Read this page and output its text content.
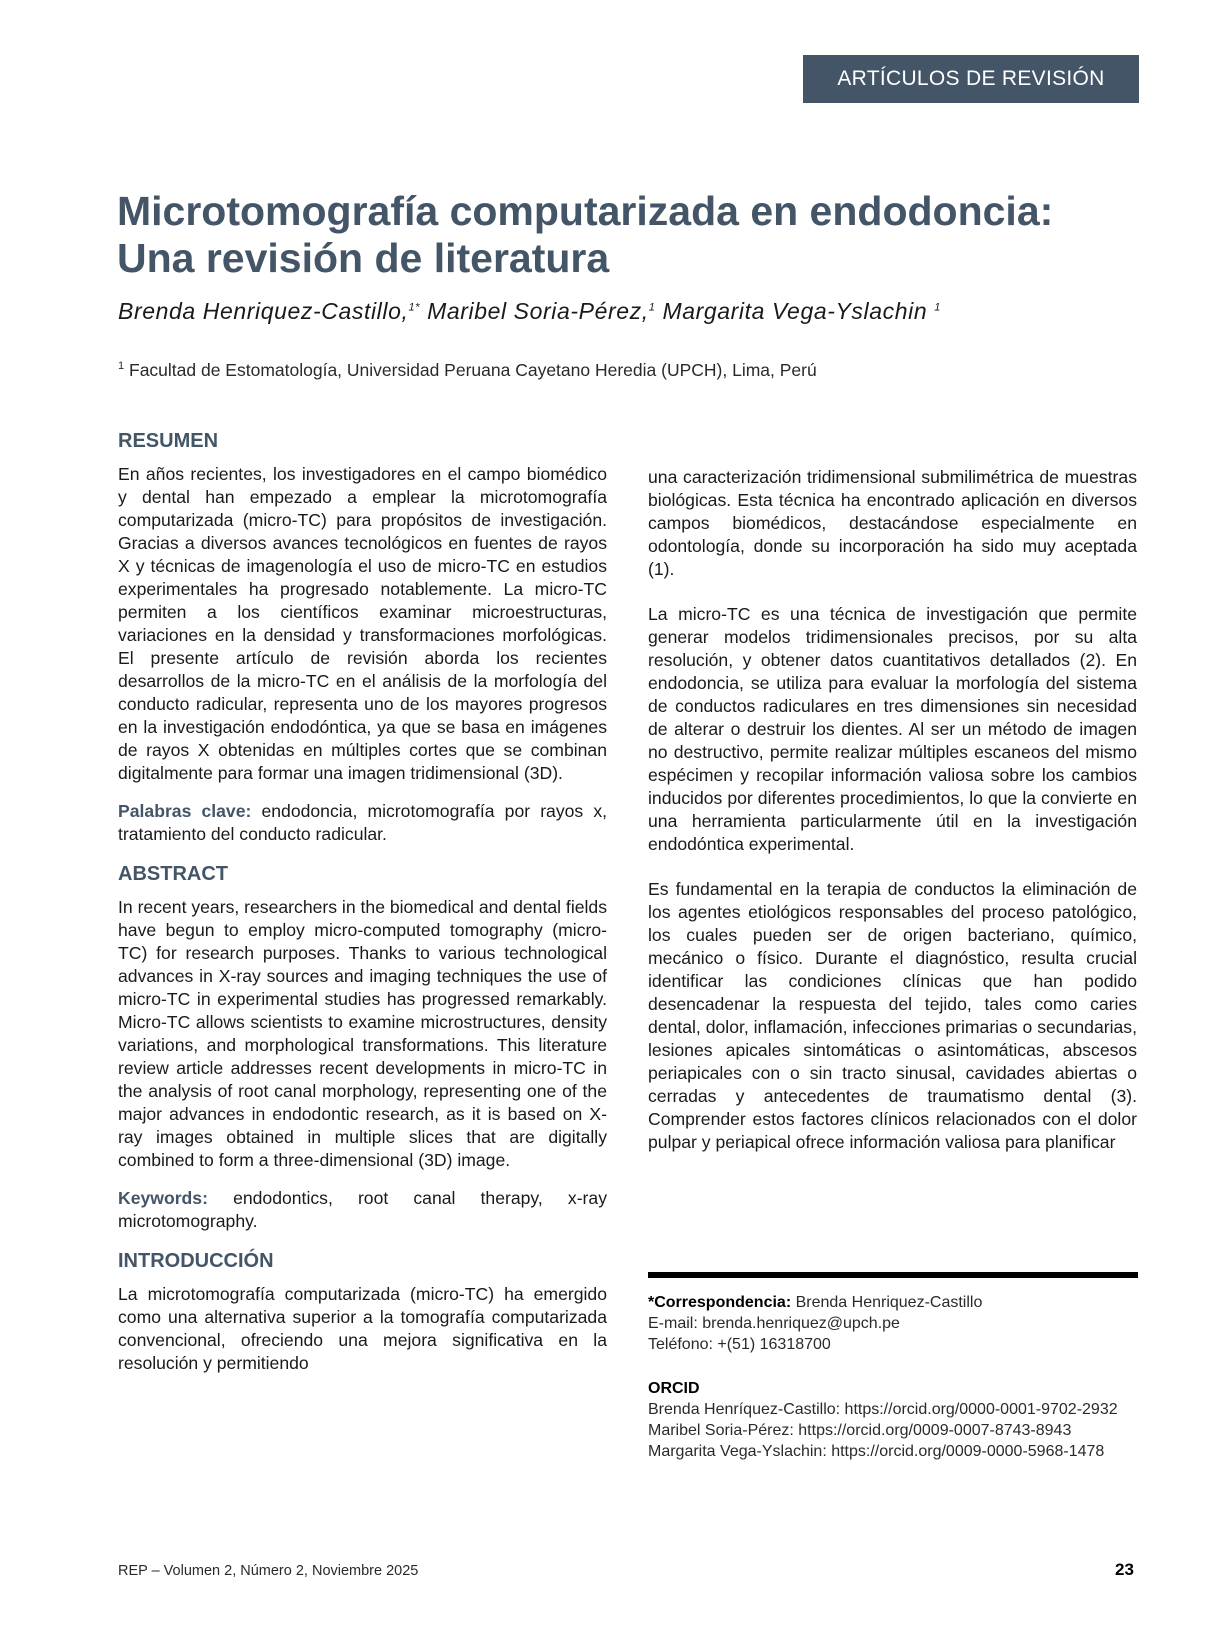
ARTÍCULOS DE REVISIÓN
Microtomografía computarizada en endodoncia:
Una revisión de literatura
Brenda Henriquez-Castillo,$^{1*}$ Maribel Soria-Pérez,$^1$ Margarita Vega-Yslachin $^1$
$^1$ Facultad de Estomatología, Universidad Peruana Cayetano Heredia (UPCH), Lima, Perú
RESUMEN

En años recientes, los investigadores en el campo biomédico y dental han empezado a emplear la microtomografía computarizada (micro-TC) para propósitos de investigación. Gracias a diversos avances tecnológicos en fuentes de rayos X y técnicas de imagenología el uso de micro-TC en estudios experimentales ha progresado notablemente. La micro-TC permiten a los científicos examinar microestructuras, variaciones en la densidad y transformaciones morfológicas. El presente artículo de revisión aborda los recientes desarrollos de la micro-TC en el análisis de la morfología del conducto radicular, representa uno de los mayores progresos en la investigación endodóntica, ya que se basa en imágenes de rayos X obtenidas en múltiples cortes que se combinan digitalmente para formar una imagen tridimensional (3D).

Palabras clave: endodoncia, microtomografía por rayos x, tratamiento del conducto radicular.

ABSTRACT

In recent years, researchers in the biomedical and dental fields have begun to employ micro-computed tomography (micro-TC) for research purposes. Thanks to various technological advances in X-ray sources and imaging techniques the use of micro-TC in experimental studies has progressed remarkably. Micro-TC allows scientists to examine microstructures, density variations, and morphological transformations. This literature review article addresses recent developments in micro-TC in the analysis of root canal morphology, representing one of the major advances in endodontic research, as it is based on X-ray images obtained in multiple slices that are digitally combined to form a three-dimensional (3D) image.

Keywords: endodontics, root canal therapy, x-ray microtomography.

INTRODUCCIÓN

La microtomografía computarizada (micro-TC) ha emergido como una alternativa superior a la tomografía computarizada convencional, ofreciendo una mejora significativa en la resolución y permitiendo

una caracterización tridimensional submilimétrica de muestras biológicas. Esta técnica ha encontrado aplicación en diversos campos biomédicos, destacándose especialmente en odontología, donde su incorporación ha sido muy aceptada (1).

La micro-TC es una técnica de investigación que permite generar modelos tridimensionales precisos, por su alta resolución, y obtener datos cuantitativos detallados (2). En endodoncia, se utiliza para evaluar la morfología del sistema de conductos radiculares en tres dimensiones sin necesidad de alterar o destruir los dientes. Al ser un método de imagen no destructivo, permite realizar múltiples escaneos del mismo espécimen y recopilar información valiosa sobre los cambios inducidos por diferentes procedimientos, lo que la convierte en una herramienta particularmente útil en la investigación endodóntica experimental.

Es fundamental en la terapia de conductos la eliminación de los agentes etiológicos responsables del proceso patológico, los cuales pueden ser de origen bacteriano, químico, mecánico o físico. Durante el diagnóstico, resulta crucial identificar las condiciones clínicas que han podido desencadenar la respuesta del tejido, tales como caries dental, dolor, inflamación, infecciones primarias o secundarias, lesiones apicales sintomáticas o asintomáticas, abscesos periapicales con o sin tracto sinusal, cavidades abiertas o cerradas y antecedentes de traumatismo dental (3). Comprender estos factores clínicos relacionados con el dolor pulpar y periapical ofrece información valiosa para planificar

*Correspondencia: Brenda Henriquez-Castillo
E-mail: brenda.henriquez@upch.pe
Teléfono: +(51) 16318700
ORCID
Brenda Henríquez-Castillo: https://orcid.org/0000-0001-9702-2932
Maribel Soria-Pérez: https://orcid.org/0009-0007-8743-8943
Margarita Vega-Yslachin: https://orcid.org/0009-0000-5968-1478
REP – Volumen 2, Número 2, Noviembre 2025	23
